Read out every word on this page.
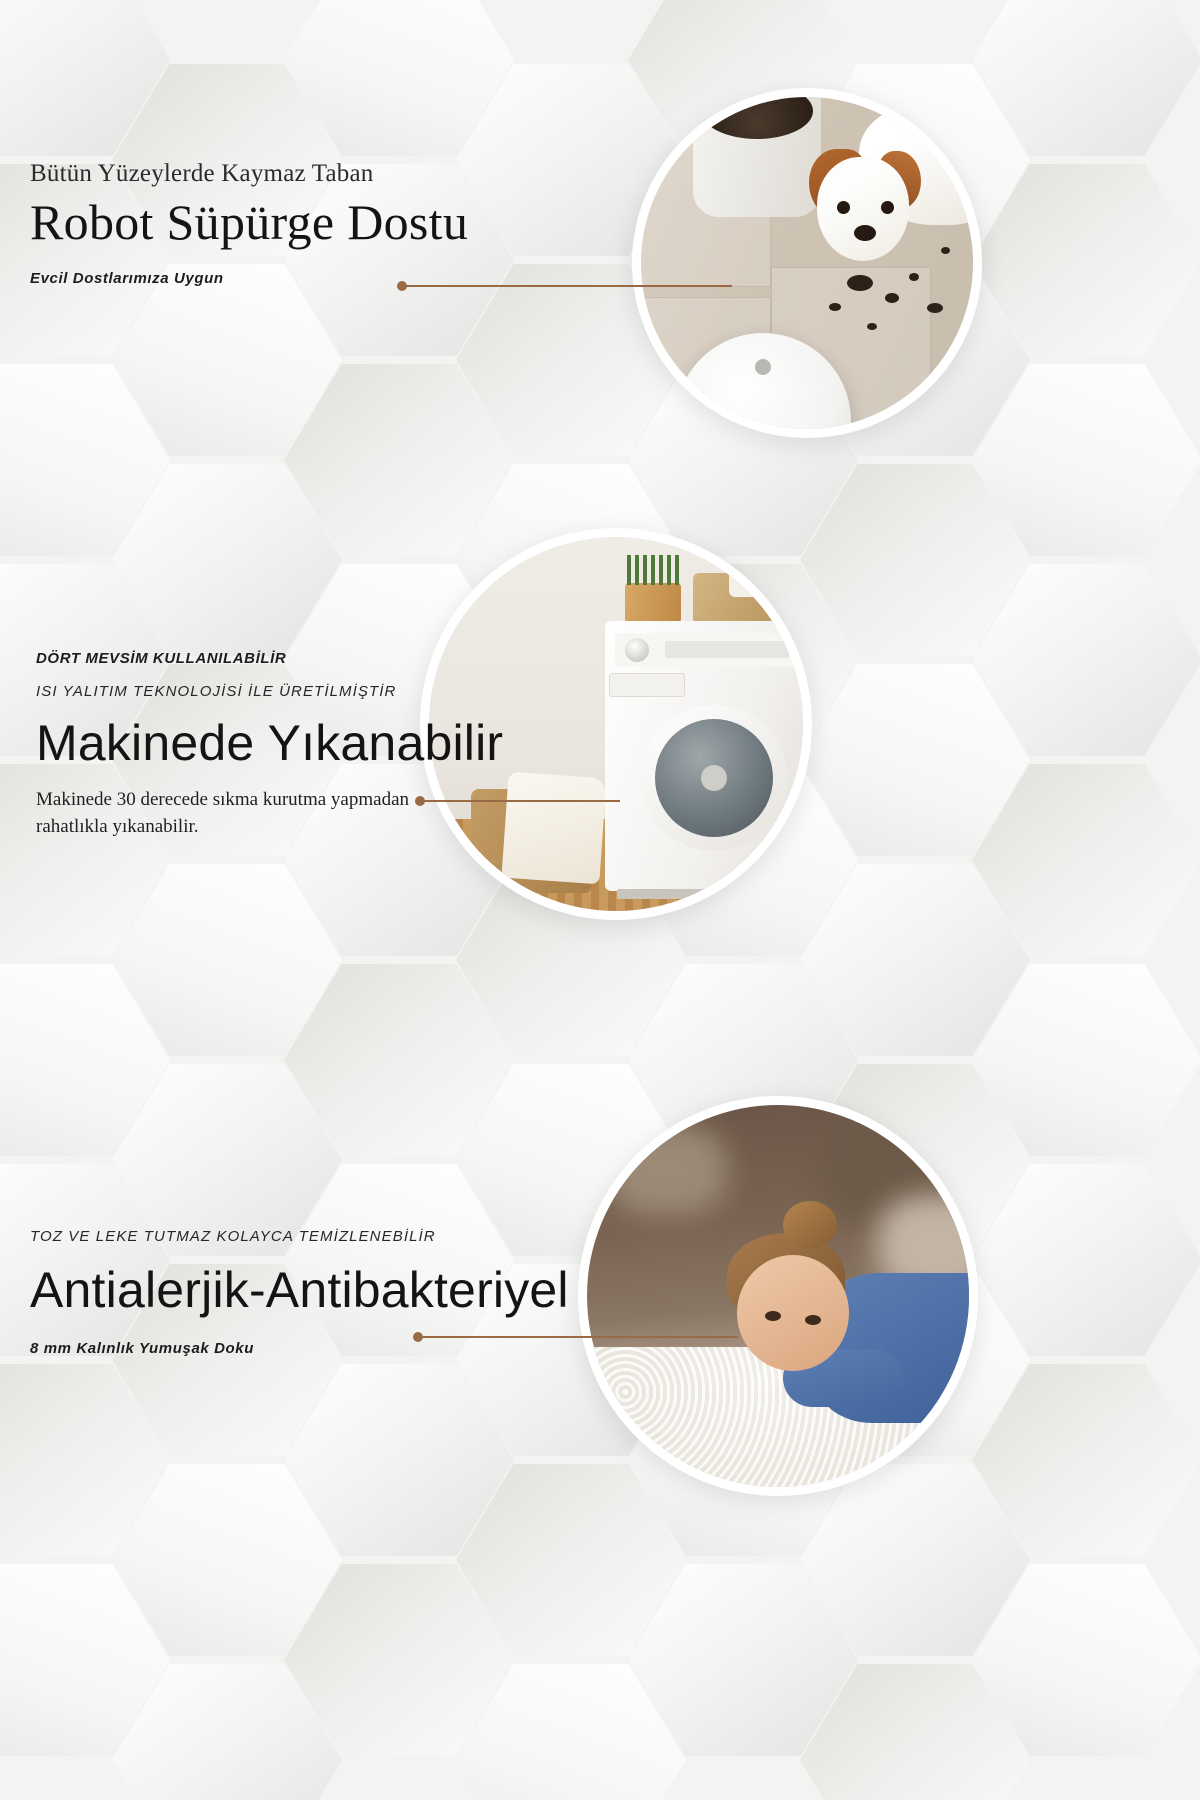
Bütün Yüzeylerde Kaymaz Taban
Robot Süpürge Dostu
Evcil Dostlarımıza Uygun
DÖRT MEVSİM KULLANILABİLİR
ISI YALITIM TEKNOLOJİSİ İLE ÜRETİLMİŞTİR
Makinede Yıkanabilir
Makinede 30 derecede sıkma kurutma yapmadan rahatlıkla yıkanabilir.
TOZ VE LEKE TUTMAZ KOLAYCA TEMİZLENEBİLİR
Antialerjik-Antibakteriyel
8 mm Kalınlık Yumuşak Doku
